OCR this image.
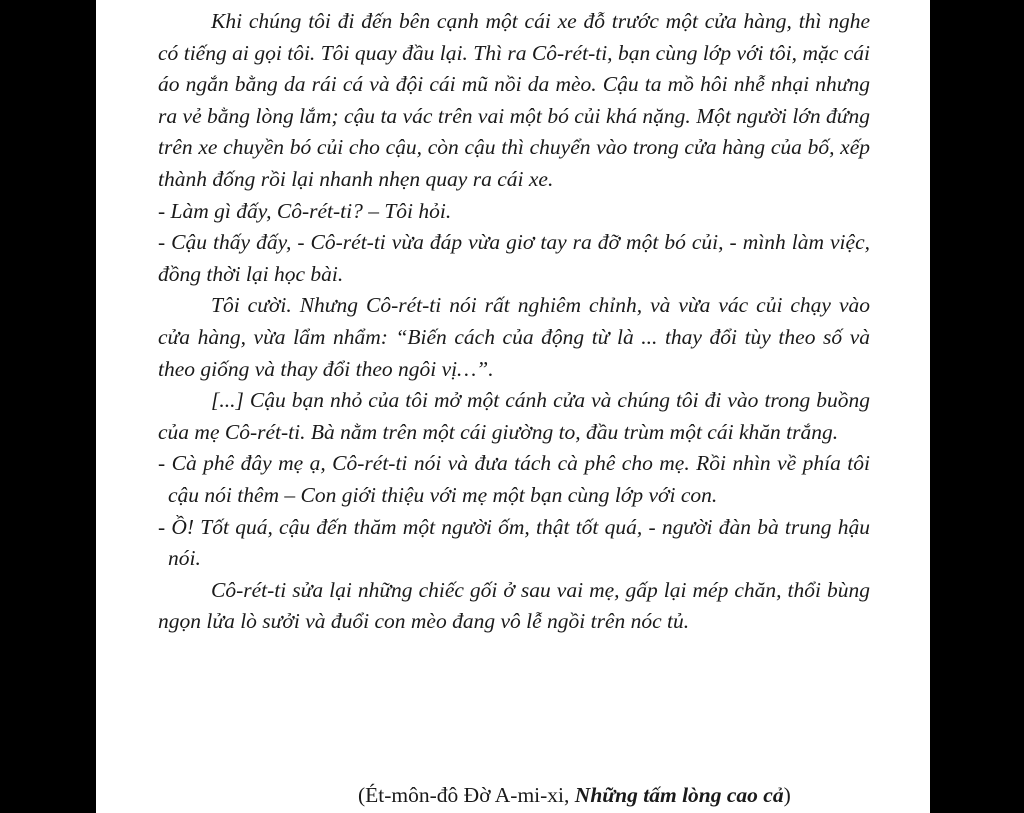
Khi chúng tôi đi đến bên cạnh một cái xe đỗ trước một cửa hàng, thì nghe có tiếng ai gọi tôi. Tôi quay đầu lại. Thì ra Cô-rét-ti, bạn cùng lớp với tôi, mặc cái áo ngắn bằng da rái cá và đội cái mũ nồi da mèo. Cậu ta mồ hôi nhễ nhại nhưng ra vẻ bằng lòng lắm; cậu ta vác trên vai một bó củi khá nặng. Một người lớn đứng trên xe chuyền bó củi cho cậu, còn cậu thì chuyển vào trong cửa hàng của bố, xếp thành đống rồi lại nhanh nhẹn quay ra cái xe.

- Làm gì đấy, Cô-rét-ti? – Tôi hỏi.

- Cậu thấy đấy, - Cô-rét-ti vừa đáp vừa giơ tay ra đỡ một bó củi, - mình làm việc, đồng thời lại học bài.

Tôi cười. Nhưng Cô-rét-ti nói rất nghiêm chỉnh, và vừa vác củi chạy vào cửa hàng, vừa lẩm nhẩm: “Biến cách của động từ là ... thay đổi tùy theo số và theo giống và thay đổi theo ngôi vị…”.

[...] Cậu bạn nhỏ của tôi mở một cánh cửa và chúng tôi đi vào trong buồng của mẹ Cô-rét-ti. Bà nằm trên một cái giường to, đầu trùm một cái khăn trắng.

- Cà phê đây mẹ ạ, Cô-rét-ti nói và đưa tách cà phê cho mẹ. Rồi nhìn về phía tôi cậu nói thêm – Con giới thiệu với mẹ một bạn cùng lớp với con.

- Ồ! Tốt quá, cậu đến thăm một người ốm, thật tốt quá, - người đàn bà trung hậu nói.

Cô-rét-ti sửa lại những chiếc gối ở sau vai mẹ, gấp lại mép chăn, thổi bùng ngọn lửa lò sưởi và đuổi con mèo đang vô lễ ngồi trên nóc tủ.

(Ét-môn-đô Đờ A-mi-xi, Những tấm lòng cao cả)
